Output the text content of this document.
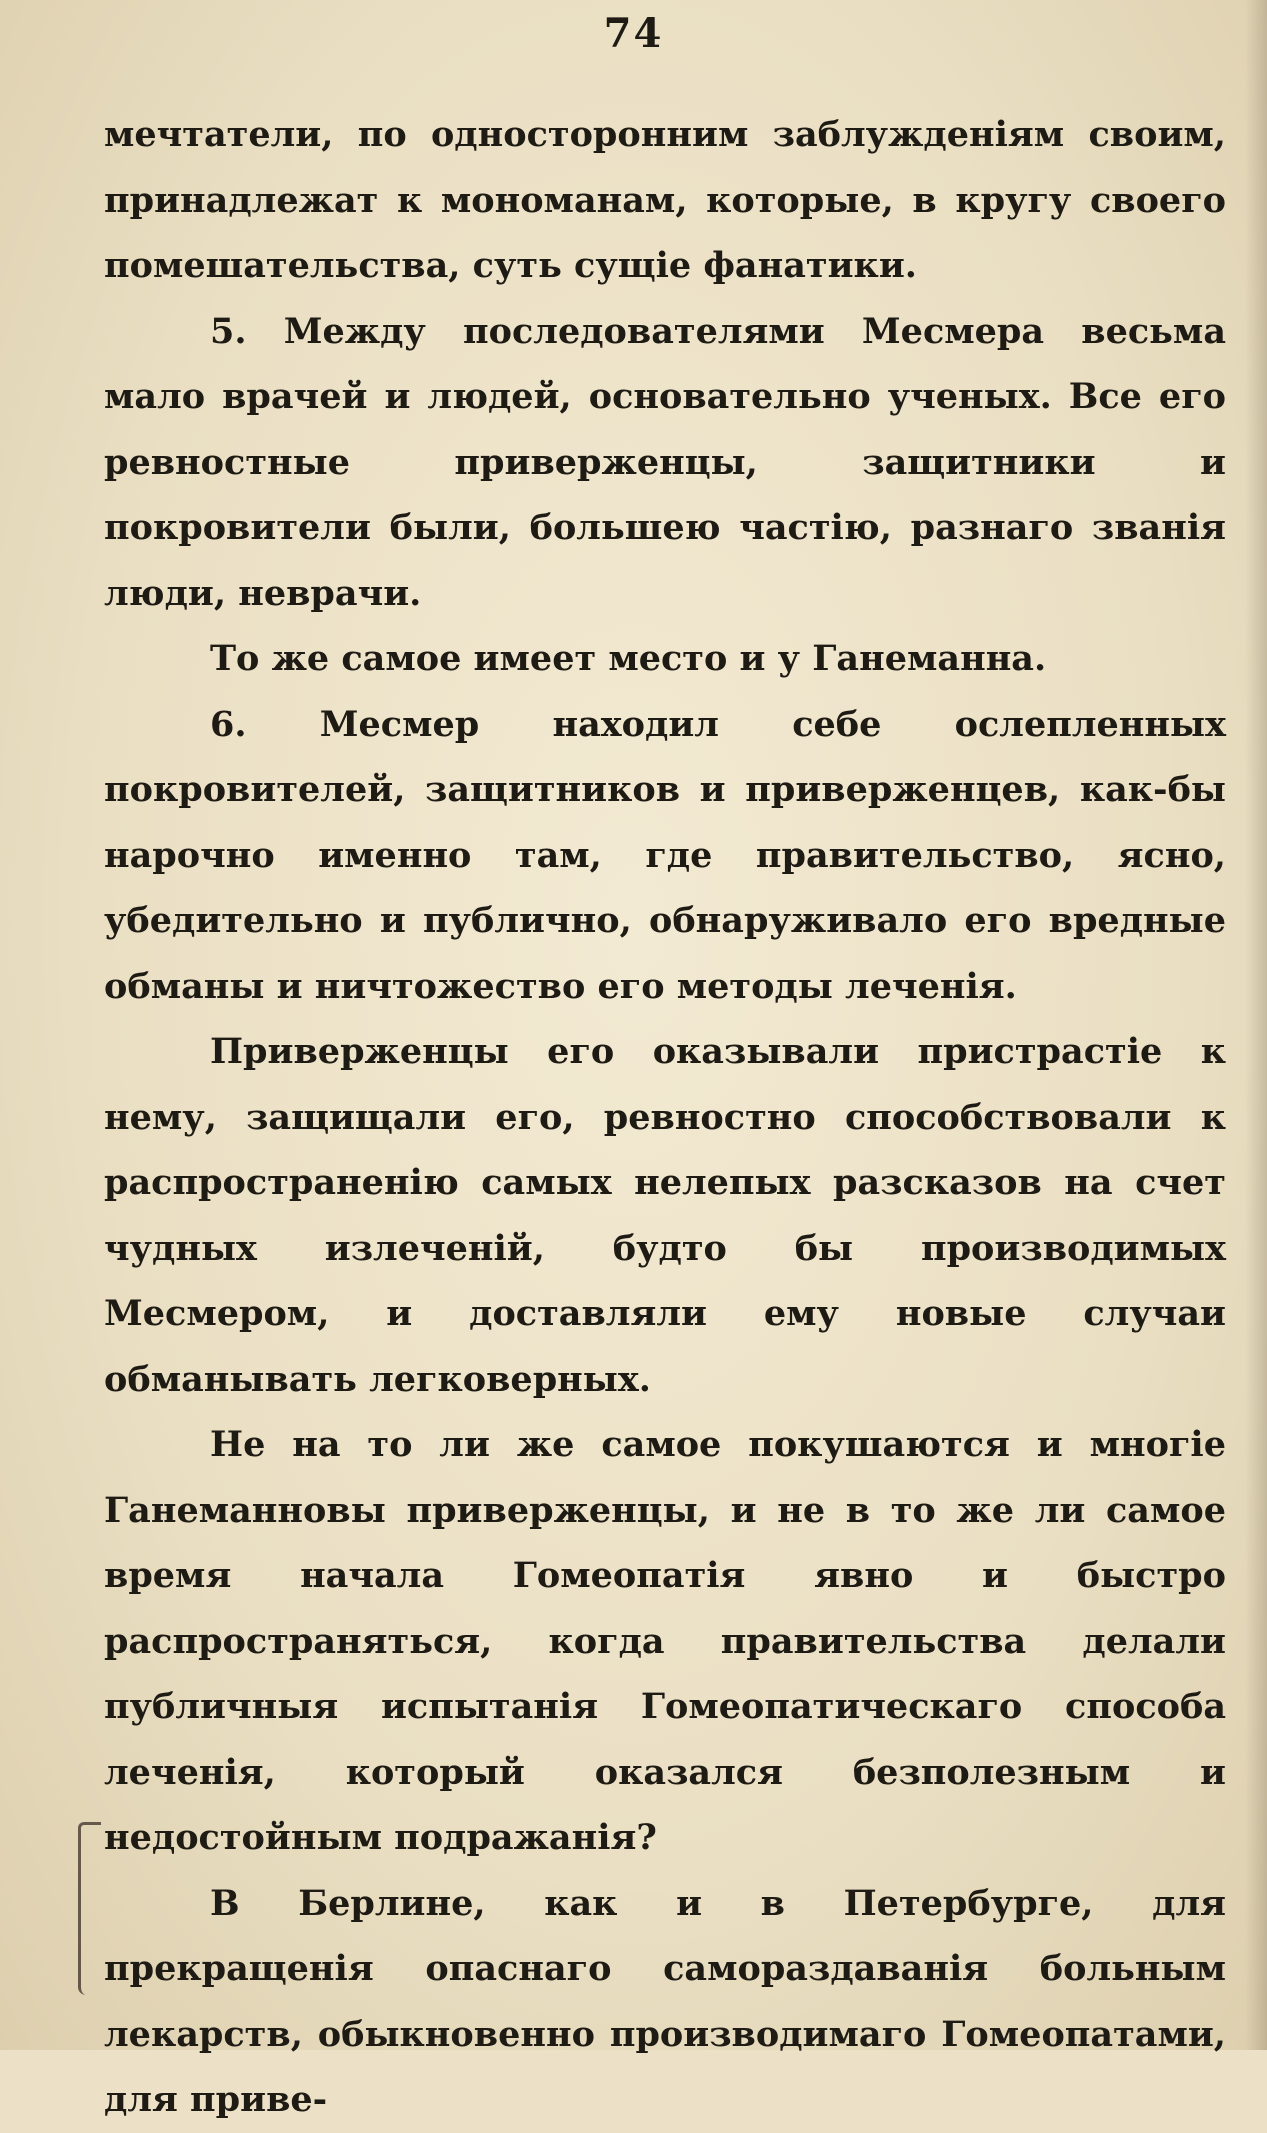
74

мечтатели, по односторонним заблужденiям своим, принадлежат к мономанам, которые, в кругу своего помешательства, суть сущiе фанатики.

5. Между последователями Месмера весьма мало врачей и людей, основательно ученых. Все его ревностные приверженцы, защитники и покровители были, большею частiю, разнаго званiя люди, неврачи.

То же самое имеет место и у Ганеманна.

6. Месмер находил себе ослепленных покровителей, защитников и приверженцев, как-бы нарочно именно там, где правительство, ясно, убедительно и публично, обнаруживало его вредные обманы и ничтожество его методы леченiя.

Приверженцы его оказывали пристрастiе к нему, защищали его, ревностно способствовали к распространенiю самых нелепых разсказов на счет чудных излеченiй, будто бы производимых Месмером, и доставляли ему новые случаи обманывать легковерных.

Не на то ли же самое покушаются и многiе Ганеманновы приверженцы, и не в то же ли самое время начала Гомеопатiя явно и быстро распространяться, когда правительства делали публичныя испытанiя Гомеопатическаго способа леченiя, который оказался безполезным и недостойным подражанiя?

В Берлине, как и в Петербурге, для прекращенiя опаснаго самораздаванiя больным лекарств, обыкновенно производимаго Гомеопатами, для приве-
